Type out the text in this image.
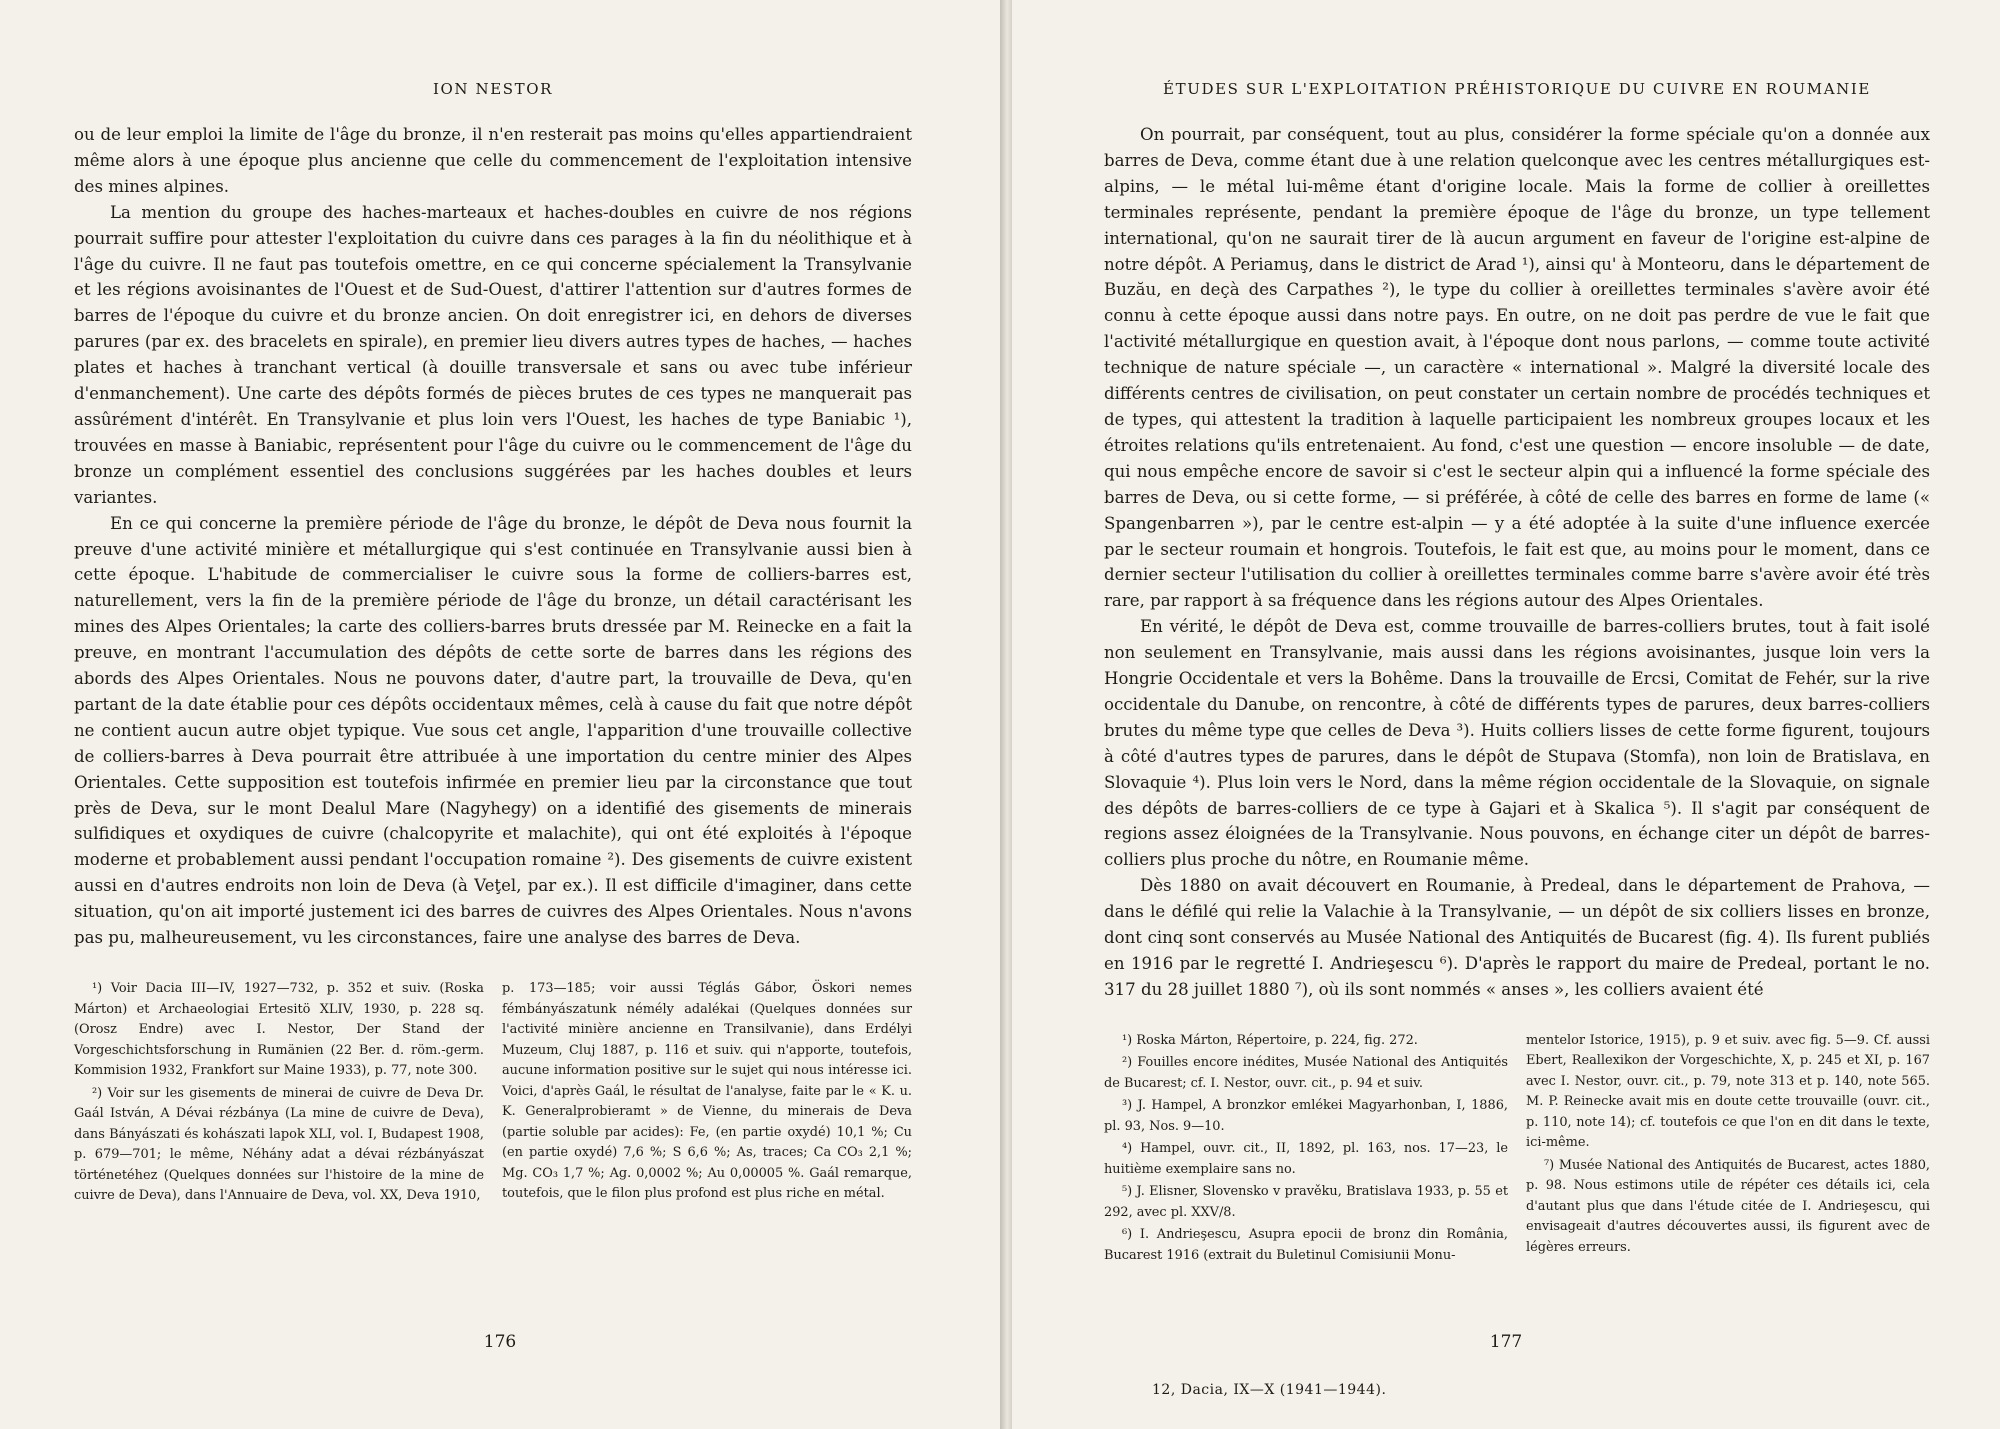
ION NESTOR

ou de leur emploi la limite de l'âge du bronze, il n'en resterait pas moins qu'elles appartiendraient même alors à une époque plus ancienne que celle du commencement de l'exploitation intensive des mines alpines.

La mention du groupe des haches-marteaux et haches-doubles en cuivre de nos régions pourrait suffire pour attester l'exploitation du cuivre dans ces parages à la fin du néolithique et à l'âge du cuivre. Il ne faut pas toutefois omettre, en ce qui concerne spécialement la Transylvanie et les régions avoisinantes de l'Ouest et de Sud-Ouest, d'attirer l'attention sur d'autres formes de barres de l'époque du cuivre et du bronze ancien. On doit enregistrer ici, en dehors de diverses parures (par ex. des bracelets en spirale), en premier lieu divers autres types de haches, — haches plates et haches à tranchant vertical (à douille transversale et sans ou avec tube inférieur d'enmanchement). Une carte des dépôts formés de pièces brutes de ces types ne manquerait pas assûrément d'intérêt. En Transylvanie et plus loin vers l'Ouest, les haches de type Baniabic ¹), trouvées en masse à Baniabic, représentent pour l'âge du cuivre ou le commencement de l'âge du bronze un complément essentiel des conclusions suggérées par les haches doubles et leurs variantes.

En ce qui concerne la première période de l'âge du bronze, le dépôt de Deva nous fournit la preuve d'une activité minière et métallurgique qui s'est continuée en Transylvanie aussi bien à cette époque. L'habitude de commercialiser le cuivre sous la forme de colliers-barres est, naturellement, vers la fin de la première période de l'âge du bronze, un détail caractérisant les mines des Alpes Orientales; la carte des colliers-barres bruts dressée par M. Reinecke en a fait la preuve, en montrant l'accumulation des dépôts de cette sorte de barres dans les régions des abords des Alpes Orientales. Nous ne pouvons dater, d'autre part, la trouvaille de Deva, qu'en partant de la date établie pour ces dépôts occidentaux mêmes, celà à cause du fait que notre dépôt ne contient aucun autre objet typique. Vue sous cet angle, l'apparition d'une trouvaille collective de colliers-barres à Deva pourrait être attribuée à une importation du centre minier des Alpes Orientales. Cette supposition est toutefois infirmée en premier lieu par la circonstance que tout près de Deva, sur le mont Dealul Mare (Nagyhegy) on a identifié des gisements de minerais sulfidiques et oxydiques de cuivre (chalcopyrite et malachite), qui ont été exploités à l'époque moderne et probablement aussi pendant l'occupation romaine ²). Des gisements de cuivre existent aussi en d'autres endroits non loin de Deva (à Veţel, par ex.). Il est difficile d'imaginer, dans cette situation, qu'on ait importé justement ici des barres de cuivres des Alpes Orientales. Nous n'avons pas pu, malheureusement, vu les circonstances, faire une analyse des barres de Deva.

¹) Voir Dacia III—IV, 1927—732, p. 352 et suiv. (Roska Márton) et Archaeologiai Ertesitö XLIV, 1930, p. 228 sq. (Orosz Endre) avec I. Nestor, Der Stand der Vorgeschichtsforschung in Rumänien (22 Ber. d. röm.-germ. Kommision 1932, Frankfort sur Maine 1933), p. 77, note 300.

²) Voir sur les gisements de minerai de cuivre de Deva Dr. Gaál István, A Dévai rézbánya (La mine de cuivre de Deva), dans Bányászati és kohászati lapok XLI, vol. I, Budapest 1908, p. 679—701; le même, Néhány adat a dévai rézbányászat történetéhez (Quelques données sur l'histoire de la mine de cuivre de Deva), dans l'Annuaire de Deva, vol. XX, Deva 1910,

p. 173—185; voir aussi Téglás Gábor, Öskori nemes fémbányászatunk némély adalékai (Quelques données sur l'activité minière ancienne en Transilvanie), dans Erdélyi Muzeum, Cluj 1887, p. 116 et suiv. qui n'apporte, toutefois, aucune information positive sur le sujet qui nous intéresse ici. Voici, d'après Gaál, le résultat de l'analyse, faite par le « K. u. K. Generalprobieramt » de Vienne, du minerais de Deva (partie soluble par acides): Fe, (en partie oxydé) 10,1 %; Cu (en partie oxydé) 7,6 %; S 6,6 %; As, traces; Ca CO₃ 2,1 %; Mg. CO₃ 1,7 %; Ag. 0,0002 %; Au 0,00005 %. Gaál remarque, toutefois, que le filon plus profond est plus riche en métal.

176
ÉTUDES SUR L'EXPLOITATION PRÉHISTORIQUE DU CUIVRE EN ROUMANIE

On pourrait, par conséquent, tout au plus, considérer la forme spéciale qu'on a donnée aux barres de Deva, comme étant due à une relation quelconque avec les centres métallurgiques est-alpins, — le métal lui-même étant d'origine locale. Mais la forme de collier à oreillettes terminales représente, pendant la première époque de l'âge du bronze, un type tellement international, qu'on ne saurait tirer de là aucun argument en faveur de l'origine est-alpine de notre dépôt. A Periamuş, dans le district de Arad ¹), ainsi qu' à Monteoru, dans le département de Buzău, en deçà des Carpathes ²), le type du collier à oreillettes terminales s'avère avoir été connu à cette époque aussi dans notre pays. En outre, on ne doit pas perdre de vue le fait que l'activité métallurgique en question avait, à l'époque dont nous parlons, — comme toute activité technique de nature spéciale —, un caractère « international ». Malgré la diversité locale des différents centres de civilisation, on peut constater un certain nombre de procédés techniques et de types, qui attestent la tradition à laquelle participaient les nombreux groupes locaux et les étroites relations qu'ils entretenaient. Au fond, c'est une question — encore insoluble — de date, qui nous empêche encore de savoir si c'est le secteur alpin qui a influencé la forme spéciale des barres de Deva, ou si cette forme, — si préférée, à côté de celle des barres en forme de lame (« Spangenbarren »), par le centre est-alpin — y a été adoptée à la suite d'une influence exercée par le secteur roumain et hongrois. Toutefois, le fait est que, au moins pour le moment, dans ce dernier secteur l'utilisation du collier à oreillettes terminales comme barre s'avère avoir été très rare, par rapport à sa fréquence dans les régions autour des Alpes Orientales.

En vérité, le dépôt de Deva est, comme trouvaille de barres-colliers brutes, tout à fait isolé non seulement en Transylvanie, mais aussi dans les régions avoisinantes, jusque loin vers la Hongrie Occidentale et vers la Bohême. Dans la trouvaille de Ercsi, Comitat de Fehér, sur la rive occidentale du Danube, on rencontre, à côté de différents types de parures, deux barres-colliers brutes du même type que celles de Deva ³). Huits colliers lisses de cette forme figurent, toujours à côté d'autres types de parures, dans le dépôt de Stupava (Stomfa), non loin de Bratislava, en Slovaquie ⁴). Plus loin vers le Nord, dans la même région occidentale de la Slovaquie, on signale des dépôts de barres-colliers de ce type à Gajari et à Skalica ⁵). Il s'agit par conséquent de regions assez éloignées de la Transylvanie. Nous pouvons, en échange citer un dépôt de barres-colliers plus proche du nôtre, en Roumanie même.

Dès 1880 on avait découvert en Roumanie, à Predeal, dans le département de Prahova, — dans le défilé qui relie la Valachie à la Transylvanie, — un dépôt de six colliers lisses en bronze, dont cinq sont conservés au Musée National des Antiquités de Bucarest (fig. 4). Ils furent publiés en 1916 par le regretté I. Andrieşescu ⁶). D'après le rapport du maire de Predeal, portant le no. 317 du 28 juillet 1880 ⁷), où ils sont nommés « anses », les colliers avaient été

¹) Roska Márton, Répertoire, p. 224, fig. 272.

²) Fouilles encore inédites, Musée National des Antiquités de Bucarest; cf. I. Nestor, ouvr. cit., p. 94 et suiv.

³) J. Hampel, A bronzkor emlékei Magyarhonban, I, 1886, pl. 93, Nos. 9—10.

⁴) Hampel, ouvr. cit., II, 1892, pl. 163, nos. 17—23, le huitième exemplaire sans no.

⁵) J. Elisner, Slovensko v pravěku, Bratislava 1933, p. 55 et 292, avec pl. XXV/8.

⁶) I. Andrieşescu, Asupra epocii de bronz din România, Bucarest 1916 (extrait du Buletinul Comisiunii Monu-

mentelor Istorice, 1915), p. 9 et suiv. avec fig. 5—9. Cf. aussi Ebert, Reallexikon der Vorgeschichte, X, p. 245 et XI, p. 167 avec I. Nestor, ouvr. cit., p. 79, note 313 et p. 140, note 565. M. P. Reinecke avait mis en doute cette trouvaille (ouvr. cit., p. 110, note 14); cf. toutefois ce que l'on en dit dans le texte, ici-même.

⁷) Musée National des Antiquités de Bucarest, actes 1880, p. 98. Nous estimons utile de répéter ces détails ici, cela d'autant plus que dans l'étude citée de I. Andrieşescu, qui envisageait d'autres découvertes aussi, ils figurent avec de légères erreurs.

177
12, Dacia, IX—X (1941—1944).
